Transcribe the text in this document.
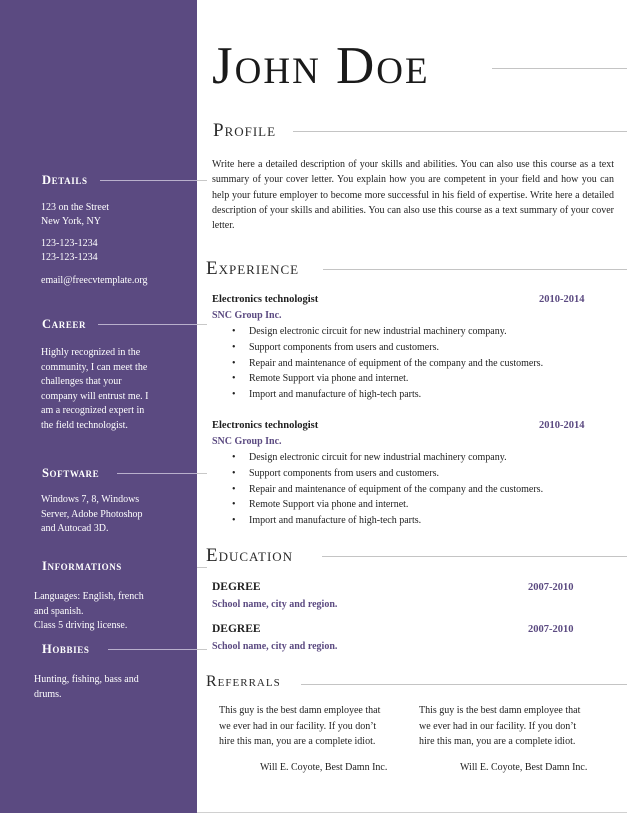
Details
123 on the Street
New York, NY
123-123-1234
123-123-1234
email@freecvtemplate.org
Career
Highly recognized in the
community, I can meet the
challenges that your
company will entrust me. I
am a recognized expert in
the field technologist.
Software
Windows 7, 8, Windows
Server, Adobe Photoshop
and Autocad 3D.
Informations
Languages: English, french
and spanish.
Class 5 driving license.
Hobbies
Hunting, fishing, bass and
drums.
John Doe
Profile
Write here a detailed description of your skills and abilities. You can also use this course as a text summary of your cover letter. You explain how you are competent in your field and how you can help your future employer to become more successful in his field of expertise. Write here a detailed description of your skills and abilities. You can also use this course as a text summary of your cover letter.
Experience
Electronics technologist	2010-2014
SNC Group Inc.
• Design electronic circuit for new industrial machinery company.
• Support components from users and customers.
• Repair and maintenance of equipment of the company and the customers.
• Remote Support via phone and internet.
• Import and manufacture of high-tech parts.
Electronics technologist	2010-2014
SNC Group Inc.
• Design electronic circuit for new industrial machinery company.
• Support components from users and customers.
• Repair and maintenance of equipment of the company and the customers.
• Remote Support via phone and internet.
• Import and manufacture of high-tech parts.
Education
DEGREE	2007-2010
School name, city and region.
DEGREE	2007-2010
School name, city and region.
Referrals
This guy is the best damn employee that
we ever had in our facility. If you don’t
hire this man, you are a complete idiot.
Will E. Coyote, Best Damn Inc.
This guy is the best damn employee that
we ever had in our facility. If you don’t
hire this man, you are a complete idiot.
Will E. Coyote, Best Damn Inc.
